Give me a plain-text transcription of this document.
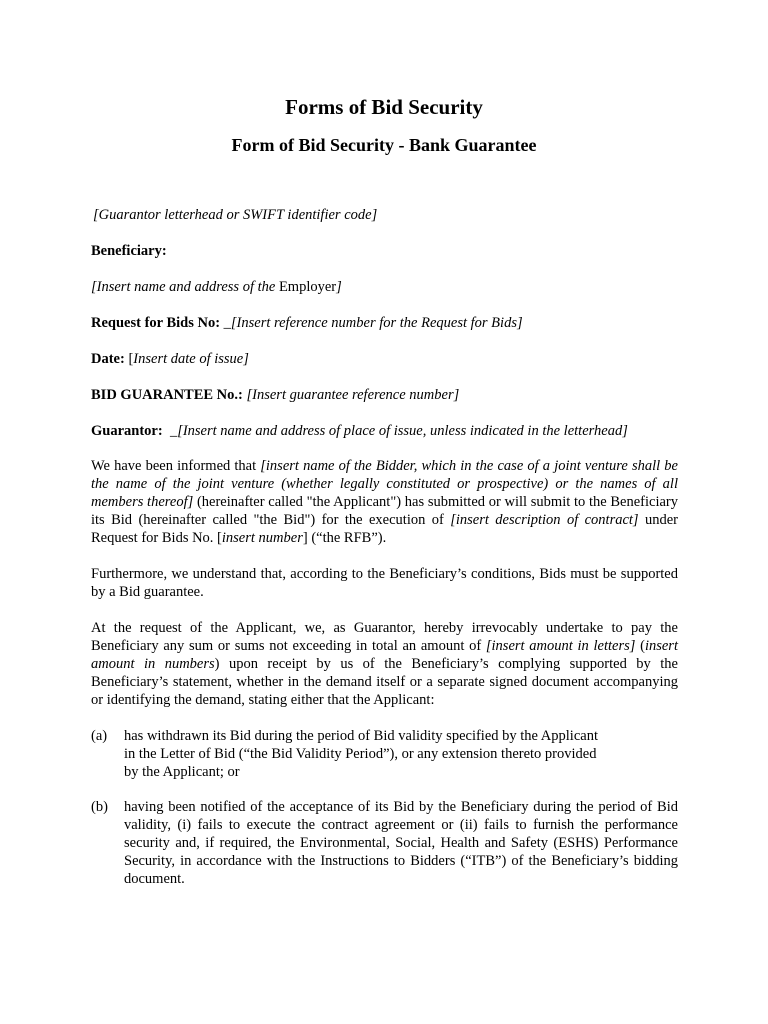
Forms of Bid Security
Form of Bid Security - Bank Guarantee

[Guarantor letterhead or SWIFT identifier code]

Beneficiary:

[Insert name and address of the Employer]

Request for Bids No: _[Insert reference number for the Request for Bids]

Date: [Insert date of issue]

BID GUARANTEE No.: [Insert guarantee reference number]

Guarantor:  _[Insert name and address of place of issue, unless indicated in the letterhead]

We have been informed that [insert name of the Bidder, which in the case of a joint venture shall be the name of the joint venture (whether legally constituted or prospective) or the names of all members thereof] (hereinafter called "the Applicant") has submitted or will submit to the Beneficiary its Bid (hereinafter called "the Bid") for the execution of [insert description of contract] under Request for Bids No. [insert number] (“the RFB”).

Furthermore, we understand that, according to the Beneficiary’s conditions, Bids must be supported by a Bid guarantee.

At the request of the Applicant, we, as Guarantor, hereby irrevocably undertake to pay the Beneficiary any sum or sums not exceeding in total an amount of [insert amount in letters] (insert amount in numbers) upon receipt by us of the Beneficiary’s complying supported by the Beneficiary’s statement, whether in the demand itself or a separate signed document accompanying or identifying the demand, stating either that the Applicant:

(a)	has withdrawn its Bid during the period of Bid validity specified by the Applicant
in the Letter of Bid (“the Bid Validity Period”), or any extension thereto provided
by the Applicant; or
(b)	having been notified of the acceptance of its Bid by the Beneficiary during the period of Bid validity, (i) fails to execute the contract agreement or (ii) fails to furnish the performance security and, if required, the Environmental, Social, Health and Safety (ESHS) Performance Security, in accordance with the Instructions to Bidders (“ITB”) of the Beneficiary’s bidding document.
